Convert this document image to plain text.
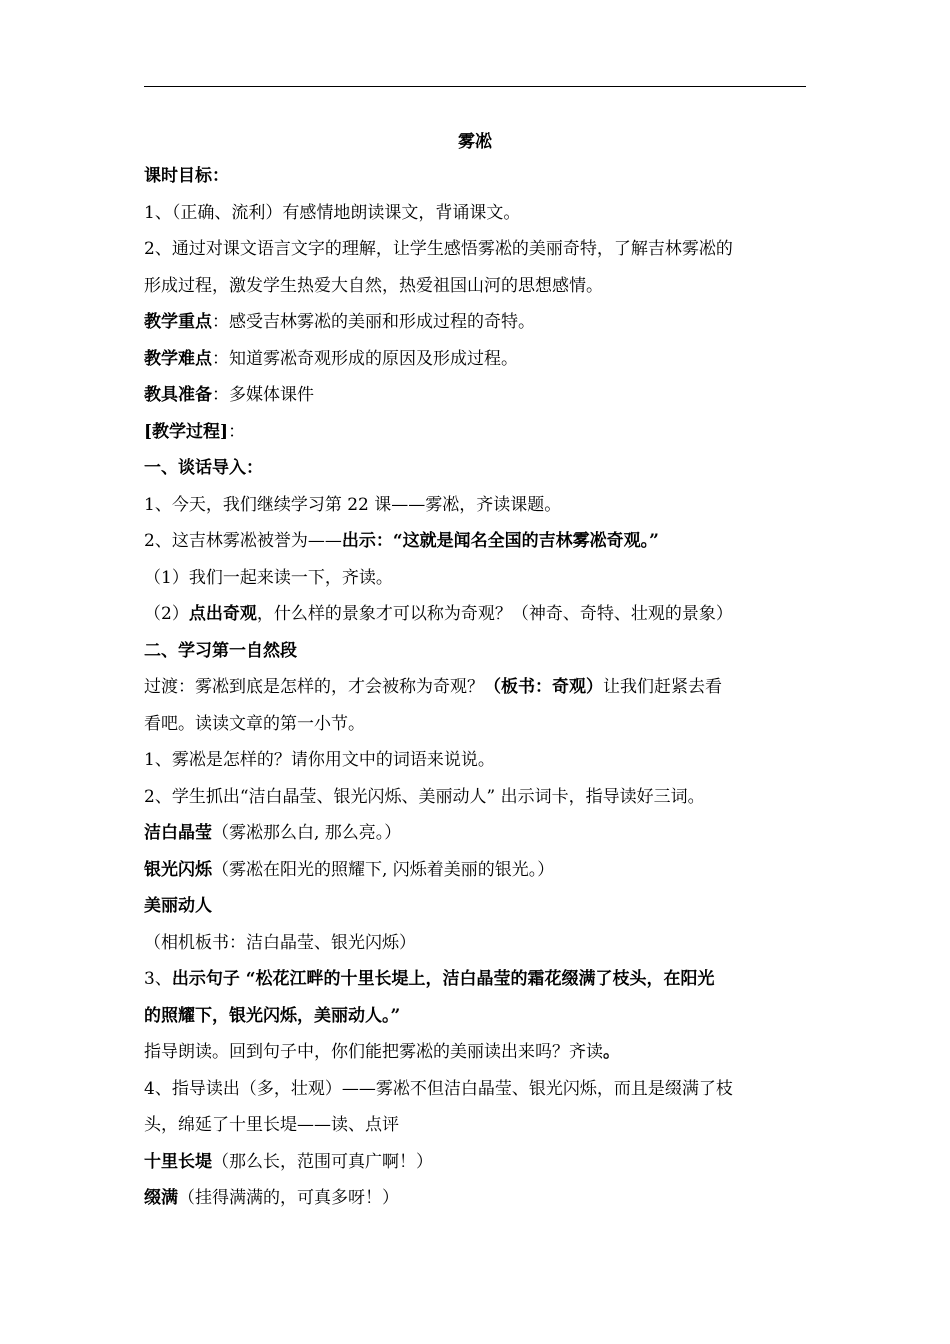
雾凇
课时目标：
1、（正确、流利）有感情地朗读课文，背诵课文。
2、通过对课文语言文字的理解，让学生感悟雾凇的美丽奇特，了解吉林雾凇的
形成过程，激发学生热爱大自然，热爱祖国山河的思想感情。
教学重点：感受吉林雾凇的美丽和形成过程的奇特。
教学难点：知道雾凇奇观形成的原因及形成过程。
教具准备：多媒体课件
[教学过程]：
一、谈话导入：
1、今天，我们继续学习第 22 课——雾凇，齐读课题。
2、这吉林雾凇被誉为——出示：“这就是闻名全国的吉林雾凇奇观。”
（1）我们一起来读一下，齐读。
（2）点出奇观，什么样的景象才可以称为奇观？（神奇、奇特、壮观的景象）
二、学习第一自然段
过渡：雾凇到底是怎样的，才会被称为奇观？（板书：奇观）让我们赶紧去看
看吧。读读文章的第一小节。
1、雾凇是怎样的？请你用文中的词语来说说。
2、学生抓出“洁白晶莹、银光闪烁、美丽动人” 出示词卡，指导读好三词。
洁白晶莹（雾凇那么白, 那么亮。）
银光闪烁（雾凇在阳光的照耀下, 闪烁着美丽的银光。）
美丽动人
（相机板书：洁白晶莹、银光闪烁）
3、出示句子 “松花江畔的十里长堤上，洁白晶莹的霜花缀满了枝头，在阳光
的照耀下，银光闪烁，美丽动人。”
指导朗读。回到句子中，你们能把雾凇的美丽读出来吗？齐读。
4、指导读出（多，壮观）——雾凇不但洁白晶莹、银光闪烁，而且是缀满了枝
头，绵延了十里长堤——读、点评
十里长堤（那么长，范围可真广啊！）
缀满（挂得满满的，可真多呀！）
